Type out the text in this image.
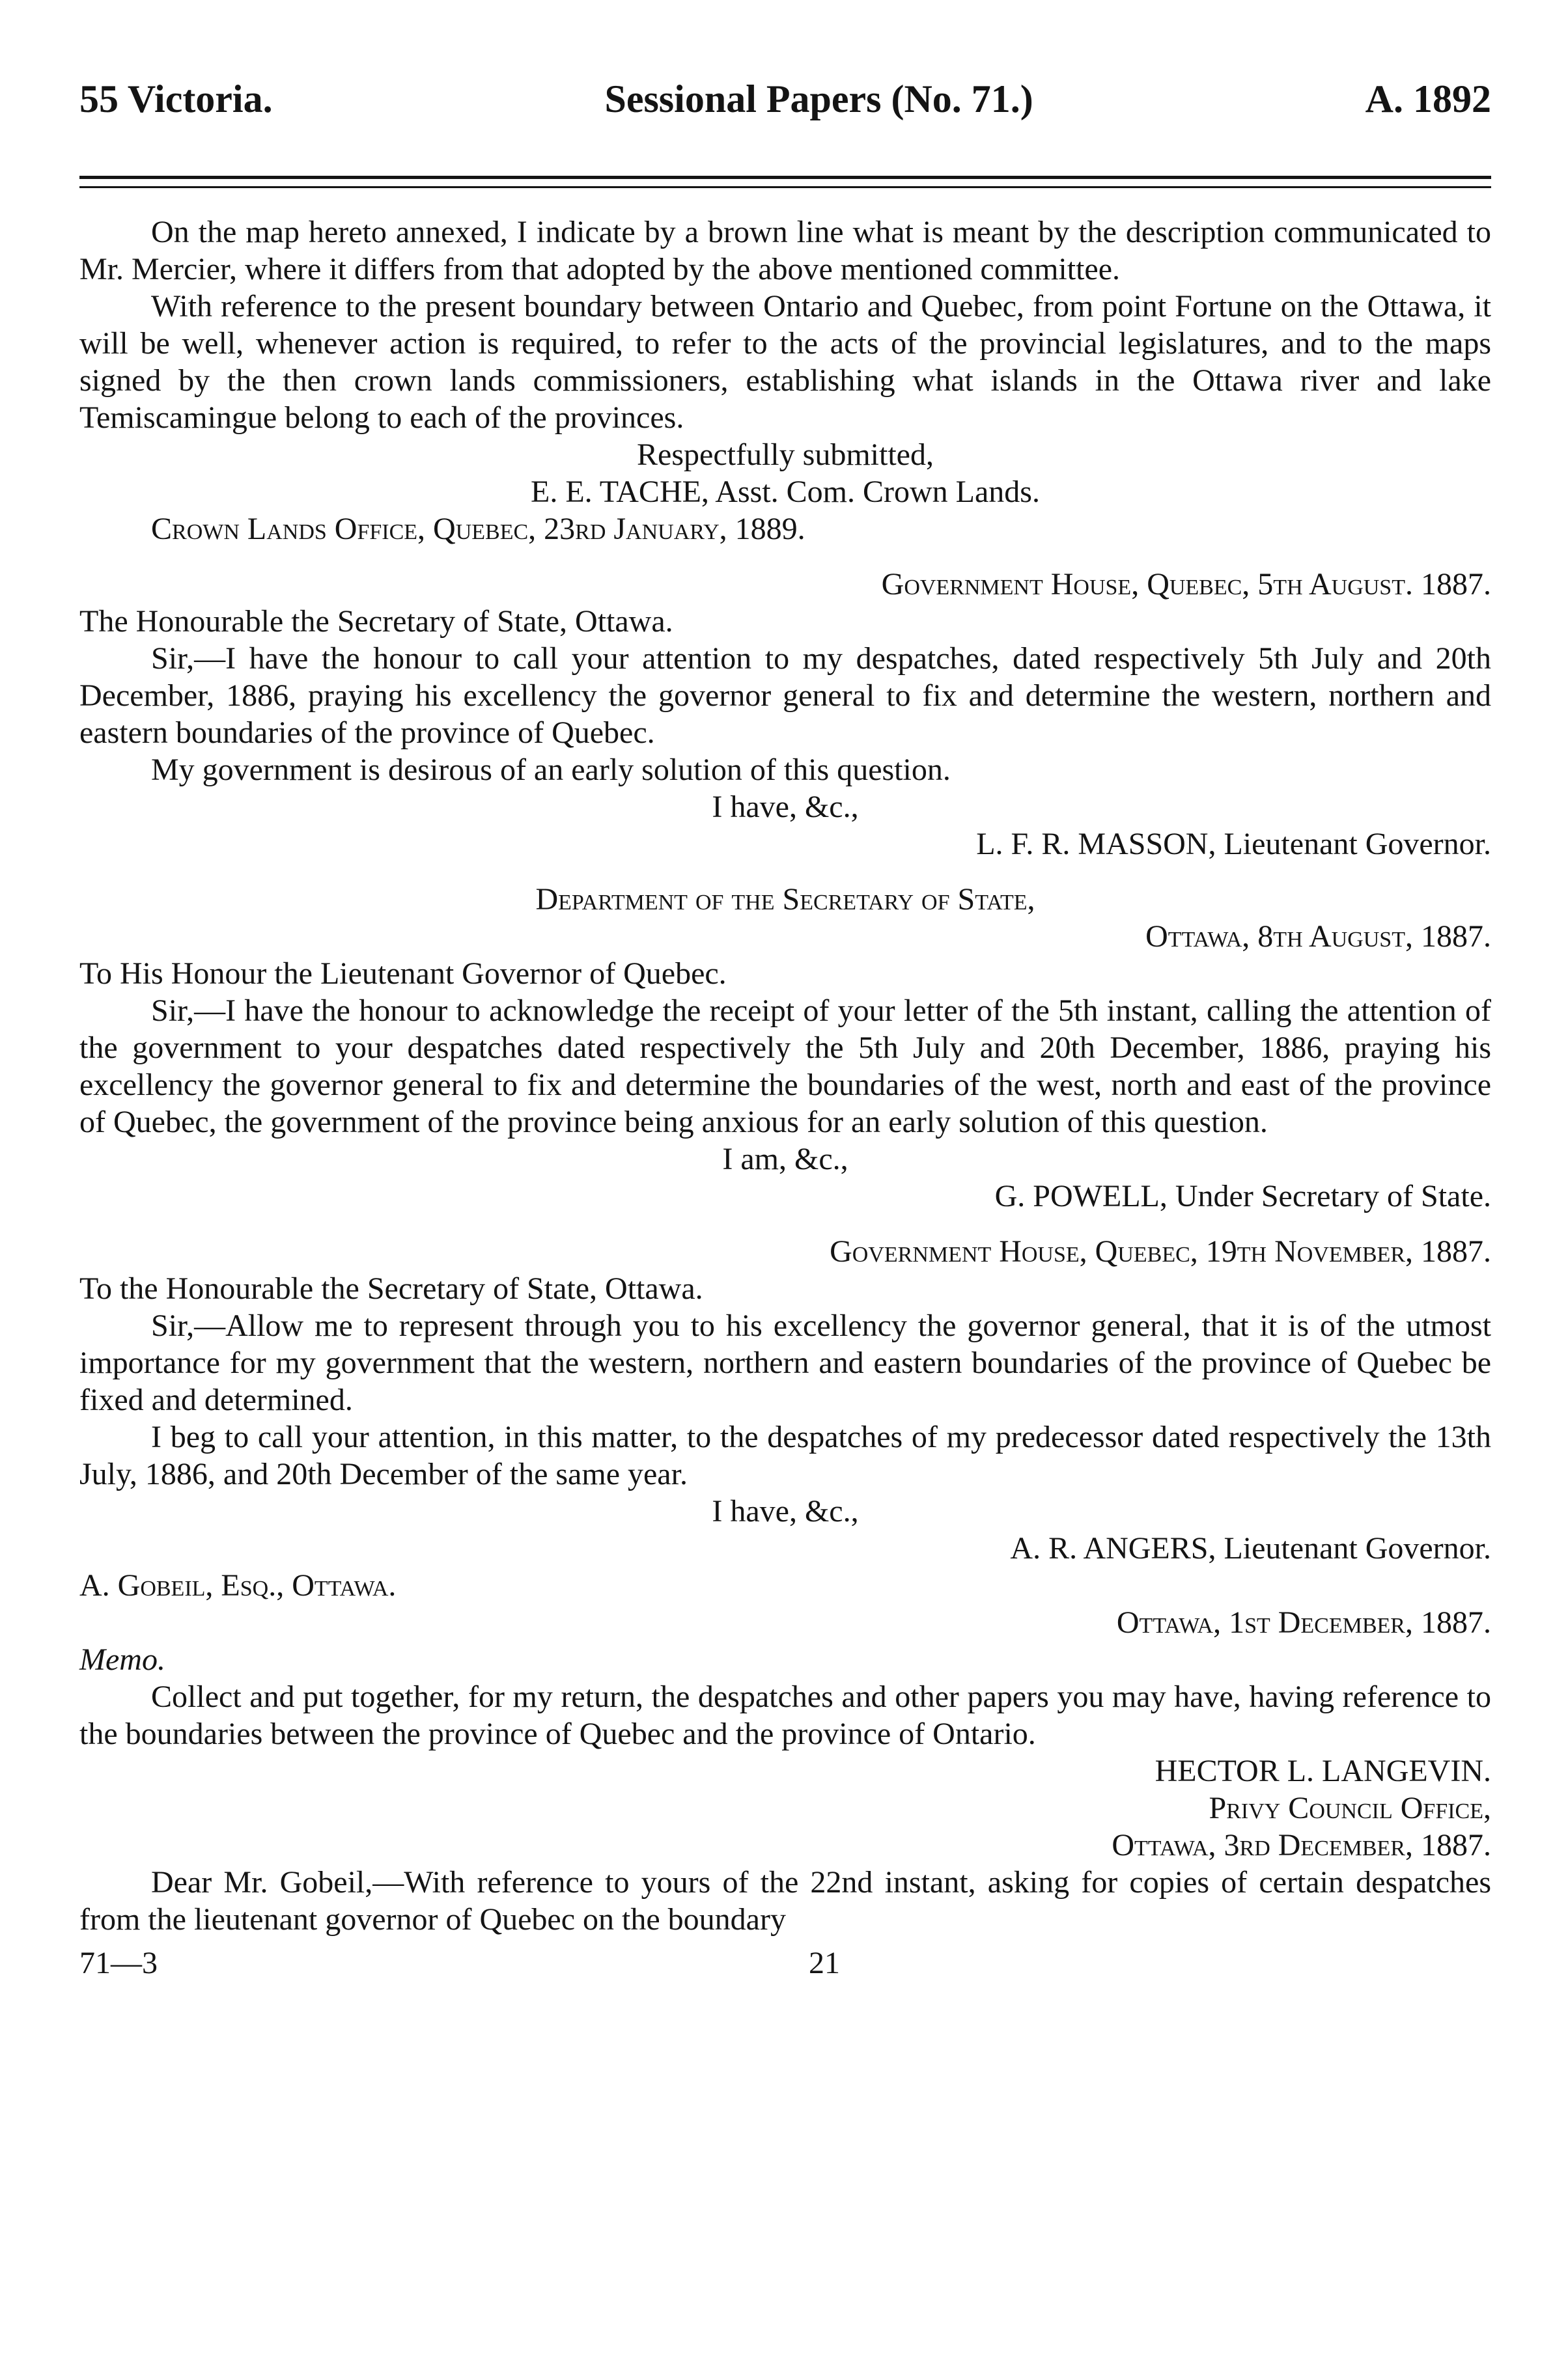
55 Victoria.	Sessional Papers (No. 71.)	A. 1892

On the map hereto annexed, I indicate by a brown line what is meant by the description communicated to Mr. Mercier, where it differs from that adopted by the above mentioned committee.

With reference to the present boundary between Ontario and Quebec, from point Fortune on the Ottawa, it will be well, whenever action is required, to refer to the acts of the provincial legislatures, and to the maps signed by the then crown lands commissioners, establishing what islands in the Ottawa river and lake Temiscamingue belong to each of the provinces.

Respectfully submitted,

E. E. TACHE, Asst. Com. Crown Lands.

Crown Lands Office, Quebec, 23rd January, 1889.

Government House, Quebec, 5th August. 1887.

The Honourable the Secretary of State, Ottawa.

Sir,—I have the honour to call your attention to my despatches, dated respectively 5th July and 20th December, 1886, praying his excellency the governor general to fix and determine the western, northern and eastern boundaries of the province of Quebec.

My government is desirous of an early solution of this question.

I have, &c.,

L. F. R. MASSON, Lieutenant Governor.

Department of the Secretary of State,

Ottawa, 8th August, 1887.

To His Honour the Lieutenant Governor of Quebec.

Sir,—I have the honour to acknowledge the receipt of your letter of the 5th instant, calling the attention of the government to your despatches dated respectively the 5th July and 20th December, 1886, praying his excellency the governor general to fix and determine the boundaries of the west, north and east of the province of Quebec, the government of the province being anxious for an early solution of this question.

I am, &c.,

G. POWELL, Under Secretary of State.

Government House, Quebec, 19th November, 1887.

To the Honourable the Secretary of State, Ottawa.

Sir,—Allow me to represent through you to his excellency the governor general, that it is of the utmost importance for my government that the western, northern and eastern boundaries of the province of Quebec be fixed and determined.

I beg to call your attention, in this matter, to the despatches of my predecessor dated respectively the 13th July, 1886, and 20th December of the same year.

I have, &c.,

A. R. ANGERS, Lieutenant Governor.

A. Gobeil, Esq., Ottawa.

Ottawa, 1st December, 1887.

Memo.

Collect and put together, for my return, the despatches and other papers you may have, having reference to the boundaries between the province of Quebec and the province of Ontario.

HECTOR L. LANGEVIN.

Privy Council Office,

Ottawa, 3rd December, 1887.

Dear Mr. Gobeil,—With reference to yours of the 22nd instant, asking for copies of certain despatches from the lieutenant governor of Quebec on the boundary

71—3	21
